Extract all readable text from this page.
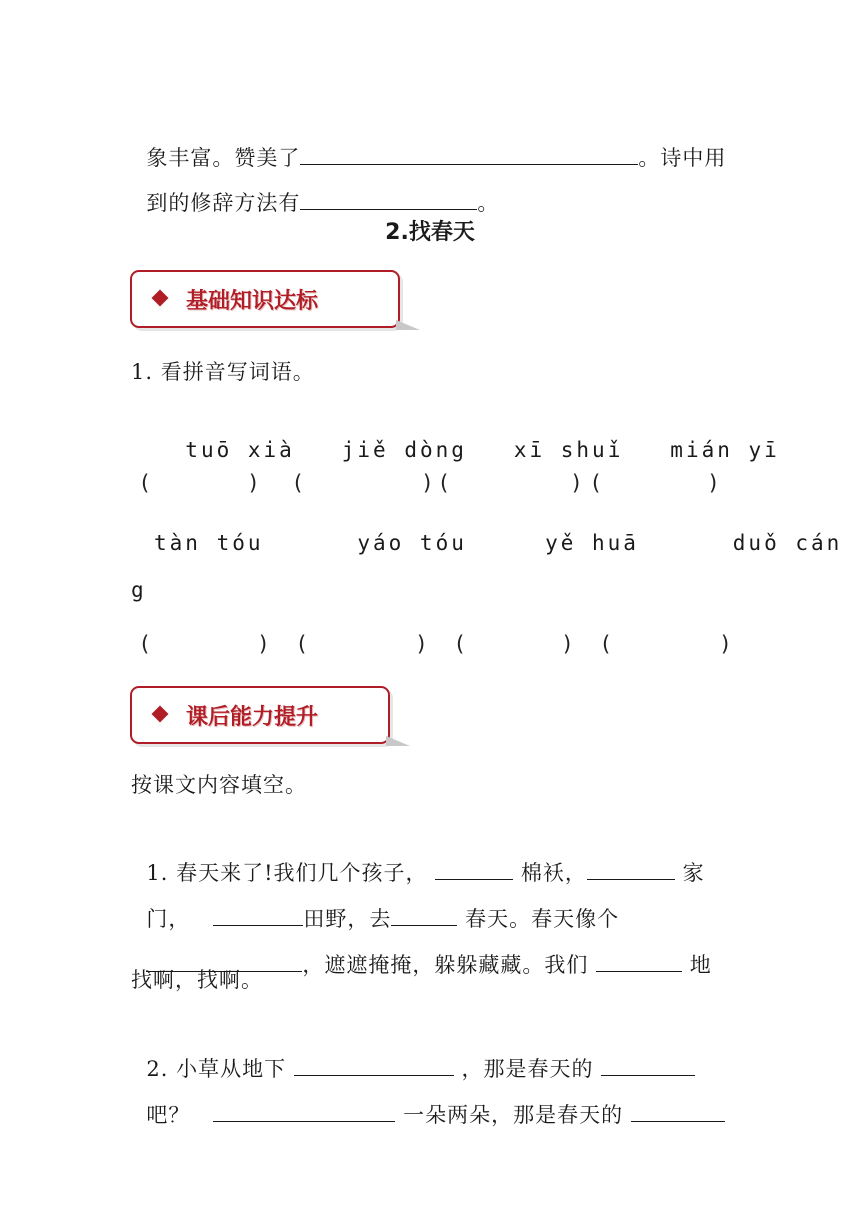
象丰富。赞美了	。诗中用

到的修辞方法有	。

2.找春天
基础知识达标
1. 看拼音写词语。

tuō xià jiě dòng xī shuǐ mián yī

(	) (	) (	) (	)
tàn tóu      yáo tóu     yě huā      duǒ cán
g
(	) (	) (	) (	)
课后能力提升
按课文内容填空。

1. 春天来了!我们几个孩子，	棉袄，	家

门，	田野，去	春天。春天像个

，遮遮掩掩，躲躲藏藏。我们	地

找啊，找啊。

2. 小草从地下	，那是春天的

吧？	一朵两朵，那是春天的
